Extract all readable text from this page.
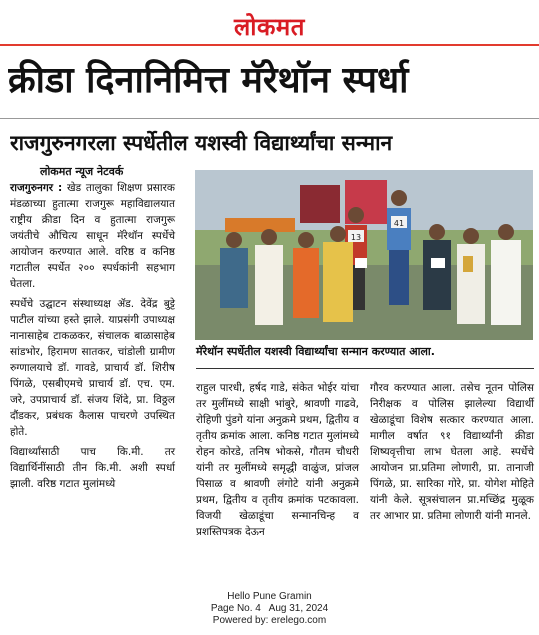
लोकमत
क्रीडा दिनानिमित्त मॅरेथॉन स्पर्धा
राजगुरुनगरला स्पर्धेतील यशस्वी विद्यार्थ्यांचा सन्मान
लोकमत न्यूज नेटवर्क

राजगुरुनगर : खेड तालुका शिक्षण प्रसारक मंडळाच्या हुतात्मा राजगुरू महाविद्यालयात राष्ट्रीय क्रीडा दिन व हुतात्मा राजगुरू जयंतीचे औचित्य साधून मॅरेथॉन स्पर्धेचे आयोजन करण्यात आले. वरिष्ठ व कनिष्ठ गटातील स्पर्धेत २०० स्पर्धकांनी सहभाग घेतला.

स्पर्धेचे उद्घाटन संस्थाध्यक्ष ॲड. देवेंद्र बुट्टे पाटील यांच्या हस्ते झाले. याप्रसंगी उपाध्यक्ष नानासाहेब टाकळकर, संचालक बाळासाहेब सांडभोर, हिरामण सातकर, चांडोली ग्रामीण रुग्णालयाचे डॉ. गावडे, प्राचार्य डॉ. शिरीष पिंगळे, एसबीएमचे प्राचार्य डॉ. एच. एम. जरे, उपप्राचार्य डॉ. संजय शिंदे, प्रा. विठ्ठल दौंडकर, प्रबंधक कैलास पाचरणे उपस्थित होते.

विद्यार्थ्यांसाठी पाच कि.मी. तर विद्यार्थिनींसाठी तीन कि.मी. अशी स्पर्धा झाली. वरिष्ठ गटात मुलांमध्ये

13
41
मॅरेथॉन स्पर्धेतील यशस्वी विद्यार्थ्यांचा सन्मान करण्यात आला.

राहुल पारधी, हर्षद गाडे, संकेत भोईर यांचा तर मुलींमध्ये साक्षी भांबुरे, श्रावणी गाढवे, रोहिणी पुंडगे यांना अनुक्रमे प्रथम, द्वितीय व तृतीय क्रमांक आला. कनिष्ठ गटात मुलांमध्ये रोहन कोरडे, तनिष भोकसे, गौतम चौधरी यांनी तर मुलींमध्ये समृद्धी वाळुंज, प्रांजल पिसाळ व श्रावणी लंगोटे यांनी अनुक्रमे प्रथम, द्वितीय व तृतीय क्रमांक पटकावला. विजयी खेळाडूंचा सन्मानचिन्ह व प्रशस्तिपत्रक देऊन

गौरव करण्यात आला. तसेच नूतन पोलिस निरीक्षक व पोलिस झालेल्या विद्यार्थी खेळाडूंचा विशेष सत्कार करण्यात आला. मागील वर्षात ९१ विद्यार्थ्यांनी क्रीडा शिष्यवृत्तीचा लाभ घेतला आहे. स्पर्धेचे आयोजन प्रा.प्रतिमा लोणारी, प्रा. तानाजी पिंगळे, प्रा. सारिका गोरे, प्रा. योगेश मोहिते यांनी केले. सूत्रसंचालन प्रा.मच्छिंद्र मुळूक तर आभार प्रा. प्रतिमा लोणारी यांनी मानले.

Hello Pune Gramin
Page No. 4   Aug 31, 2024
Powered by: erelego.com
